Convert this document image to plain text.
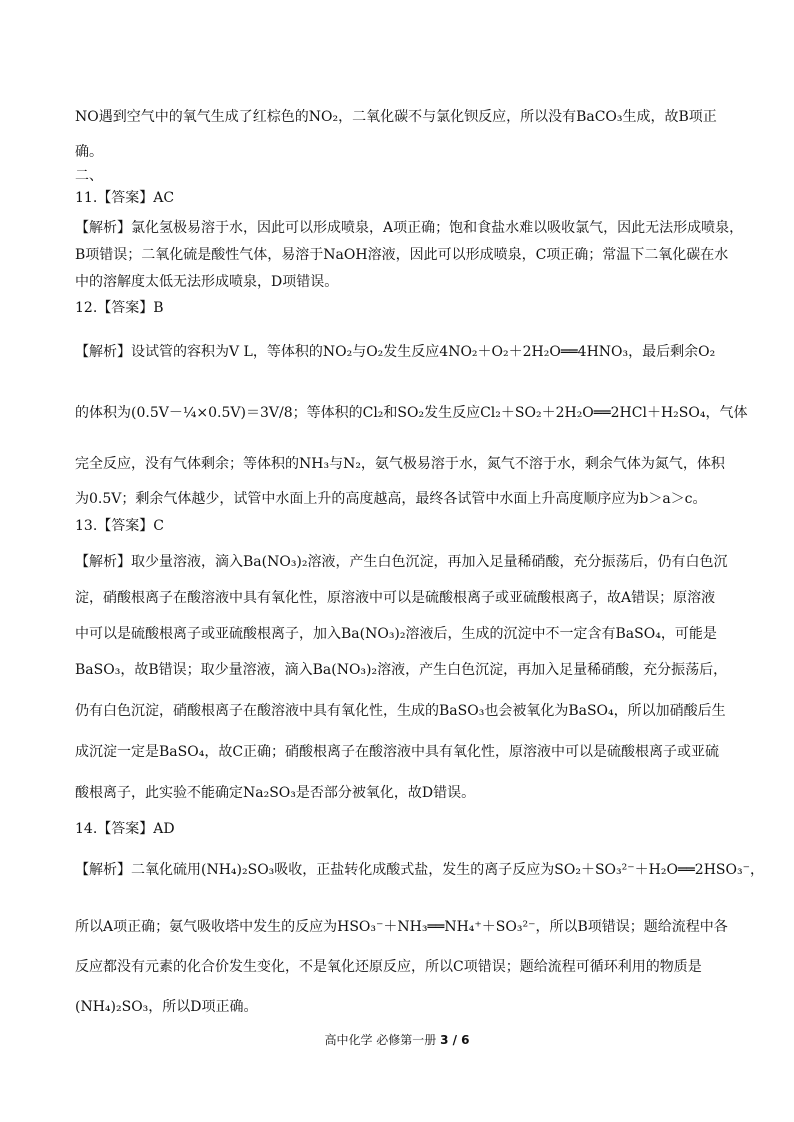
NO遇到空气中的氧气生成了红棕色的NO₂，二氧化碳不与氯化钡反应，所以没有BaCO₃生成，故B项正
确。
二、
11.【答案】AC
【解析】氯化氢极易溶于水，因此可以形成喷泉，A项正确；饱和食盐水难以吸收氯气，因此无法形成喷泉，
B项错误；二氧化硫是酸性气体，易溶于NaOH溶液，因此可以形成喷泉，C项正确；常温下二氧化碳在水
中的溶解度太低无法形成喷泉，D项错误。
12.【答案】B
【解析】设试管的容积为V L，等体积的NO₂与O₂发生反应4NO₂＋O₂＋2H₂O══4HNO₃，最后剩余O₂
的体积为(0.5V－¼×0.5V)＝3V/8；等体积的Cl₂和SO₂发生反应Cl₂＋SO₂＋2H₂O══2HCl＋H₂SO₄，气体
完全反应，没有气体剩余；等体积的NH₃与N₂，氨气极易溶于水，氮气不溶于水，剩余气体为氮气，体积
为0.5V；剩余气体越少，试管中水面上升的高度越高，最终各试管中水面上升高度顺序应为b＞a＞c。
13.【答案】C
【解析】取少量溶液，滴入Ba(NO₃)₂溶液，产生白色沉淀，再加入足量稀硝酸，充分振荡后，仍有白色沉
淀，硝酸根离子在酸溶液中具有氧化性，原溶液中可以是硫酸根离子或亚硫酸根离子，故A错误；原溶液
中可以是硫酸根离子或亚硫酸根离子，加入Ba(NO₃)₂溶液后，生成的沉淀中不一定含有BaSO₄，可能是
BaSO₃，故B错误；取少量溶液，滴入Ba(NO₃)₂溶液，产生白色沉淀，再加入足量稀硝酸，充分振荡后，
仍有白色沉淀，硝酸根离子在酸溶液中具有氧化性，生成的BaSO₃也会被氧化为BaSO₄，所以加硝酸后生
成沉淀一定是BaSO₄，故C正确；硝酸根离子在酸溶液中具有氧化性，原溶液中可以是硫酸根离子或亚硫
酸根离子，此实验不能确定Na₂SO₃是否部分被氧化，故D错误。
14.【答案】AD
【解析】二氧化硫用(NH₄)₂SO₃吸收，正盐转化成酸式盐，发生的离子反应为SO₂＋SO₃²⁻＋H₂O══2HSO₃⁻，
所以A项正确；氨气吸收塔中发生的反应为HSO₃⁻＋NH₃══NH₄⁺＋SO₃²⁻，所以B项错误；题给流程中各
反应都没有元素的化合价发生变化，不是氧化还原反应，所以C项错误；题给流程可循环利用的物质是
(NH₄)₂SO₃，所以D项正确。
高中化学 必修第一册 3 / 6
